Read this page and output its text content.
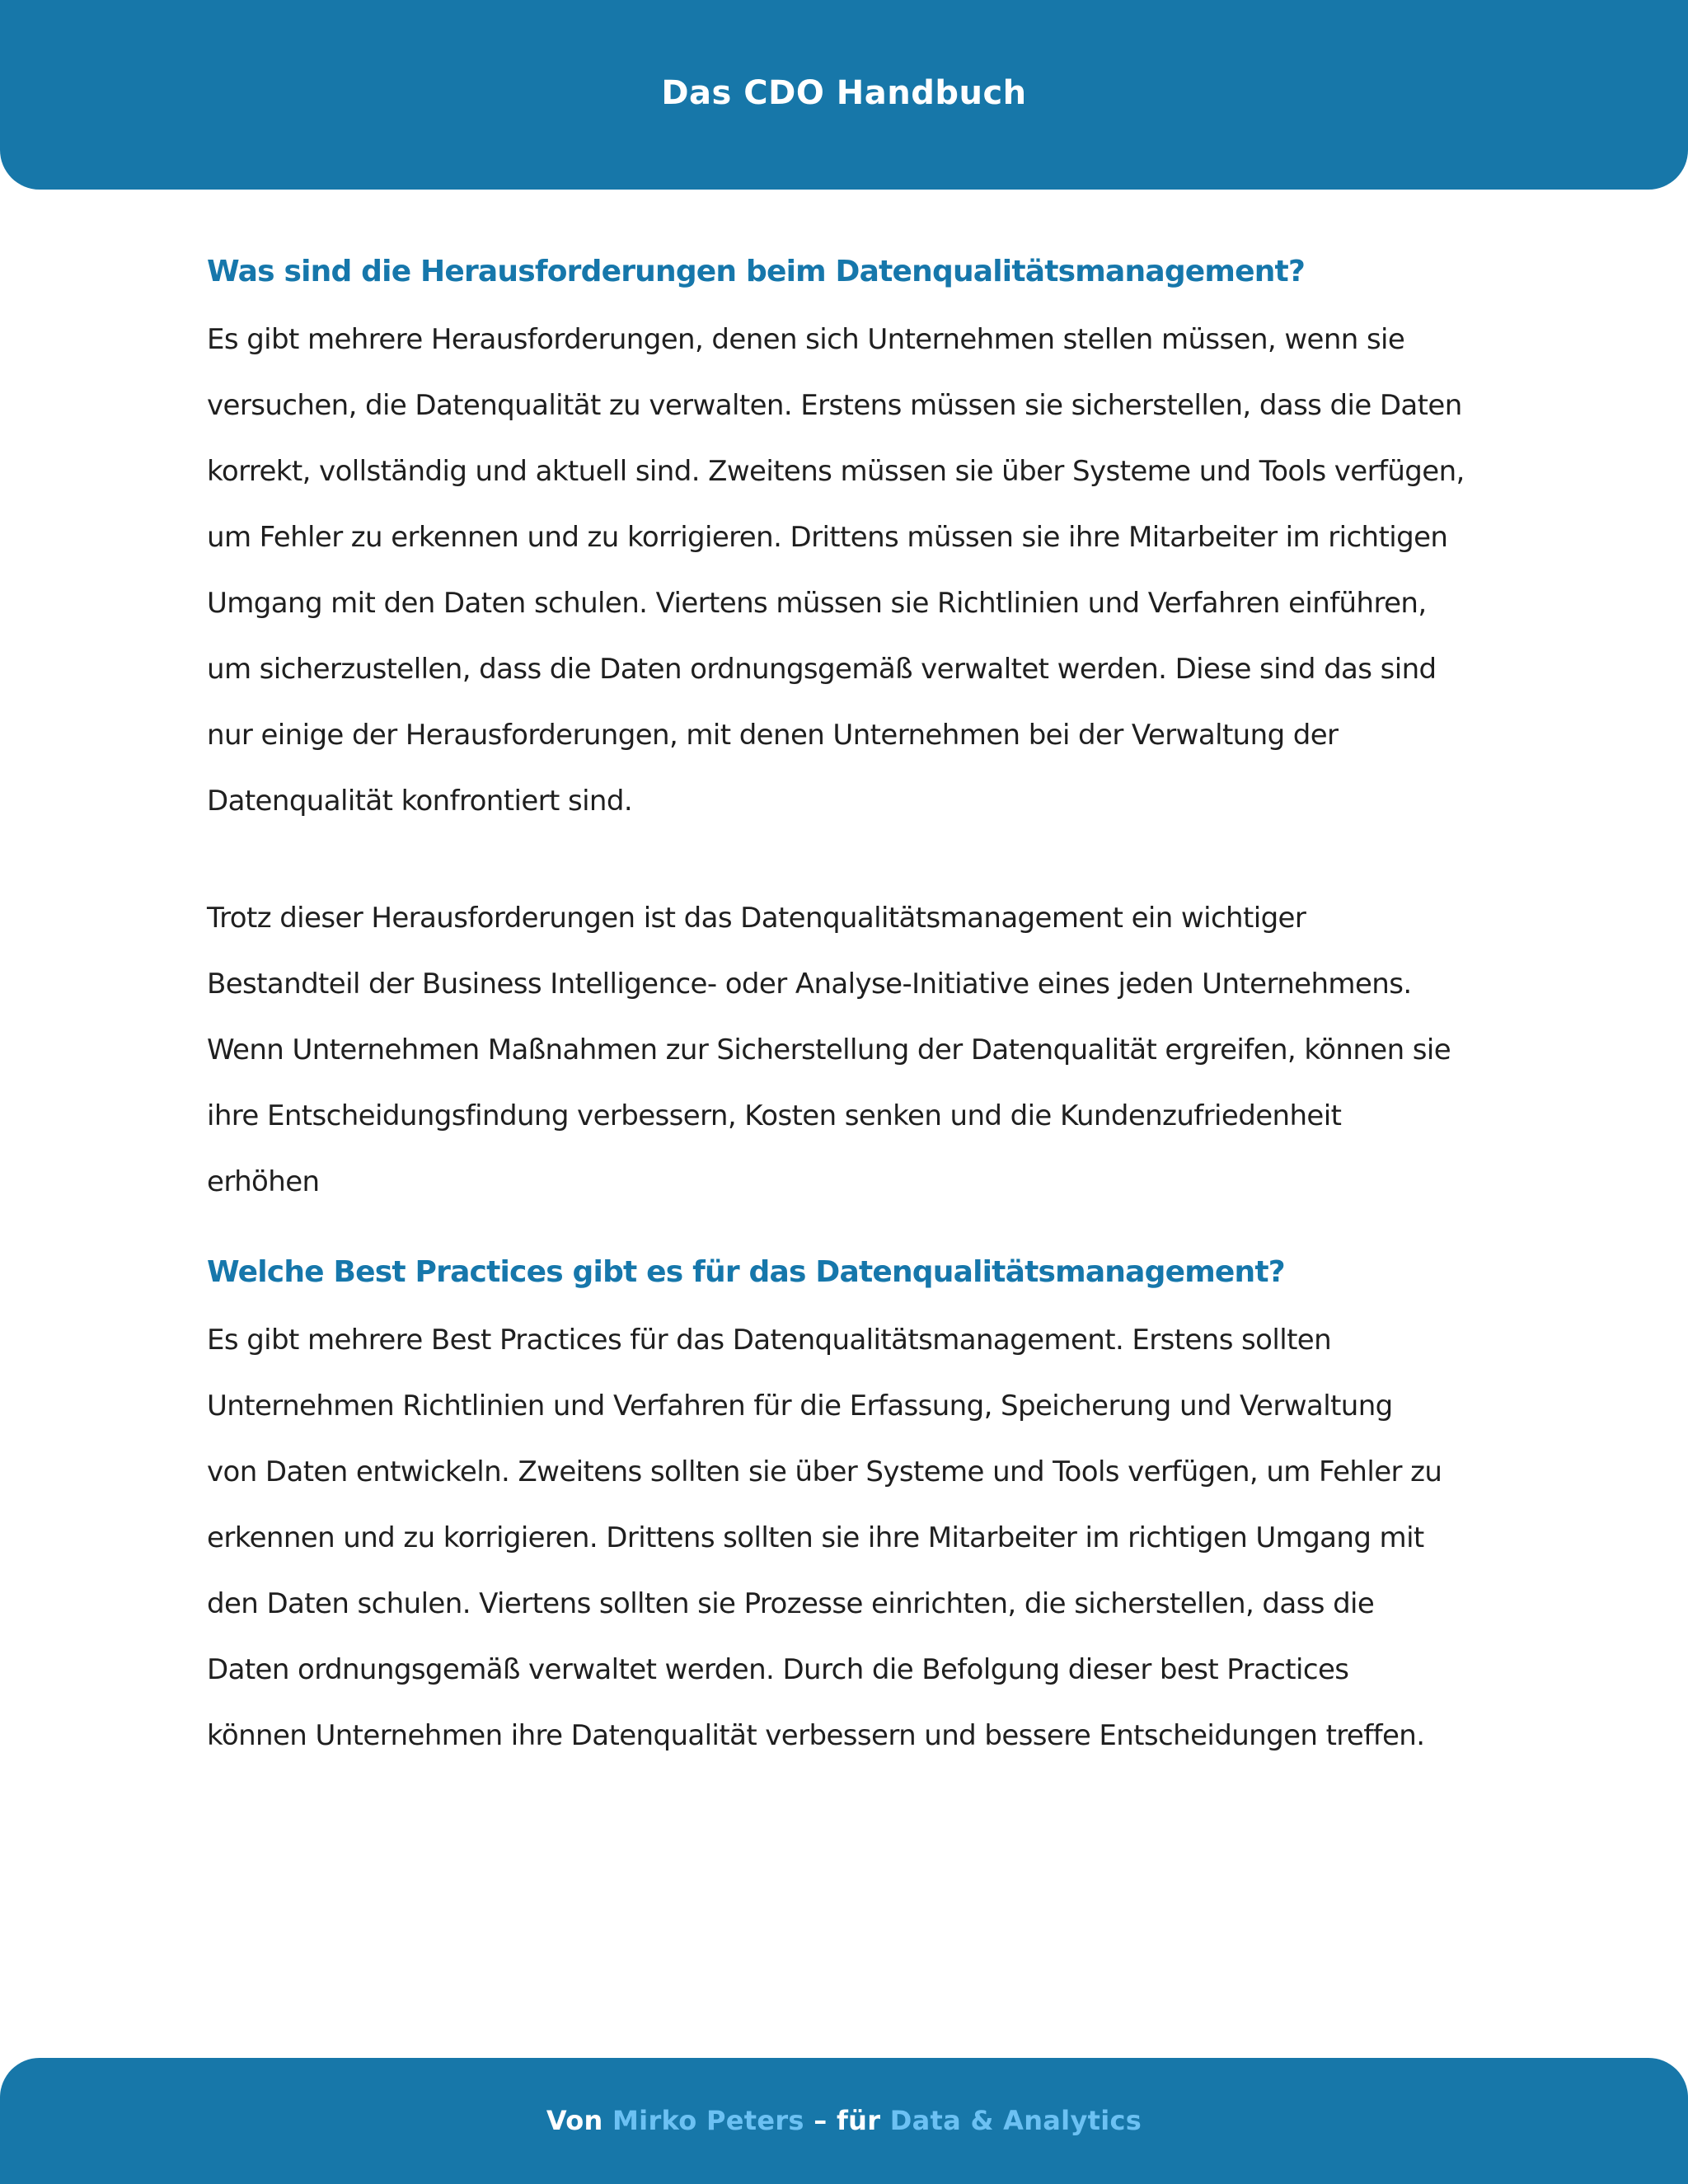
Das CDO Handbuch
Was sind die Herausforderungen beim Datenqualitätsmanagement?

Es gibt mehrere Herausforderungen, denen sich Unternehmen stellen müssen, wenn sie
versuchen, die Datenqualität zu verwalten. Erstens müssen sie sicherstellen, dass die Daten
korrekt, vollständig und aktuell sind. Zweitens müssen sie über Systeme und Tools verfügen,
um Fehler zu erkennen und zu korrigieren. Drittens müssen sie ihre Mitarbeiter im richtigen
Umgang mit den Daten schulen. Viertens müssen sie Richtlinien und Verfahren einführen,
um sicherzustellen, dass die Daten ordnungsgemäß verwaltet werden. Diese sind das sind
nur einige der Herausforderungen, mit denen Unternehmen bei der Verwaltung der
Datenqualität konfrontiert sind.

Trotz dieser Herausforderungen ist das Datenqualitätsmanagement ein wichtiger
Bestandteil der Business Intelligence- oder Analyse-Initiative eines jeden Unternehmens.
Wenn Unternehmen Maßnahmen zur Sicherstellung der Datenqualität ergreifen, können sie
ihre Entscheidungsfindung verbessern, Kosten senken und die Kundenzufriedenheit
erhöhen

Welche Best Practices gibt es für das Datenqualitätsmanagement?

Es gibt mehrere Best Practices für das Datenqualitätsmanagement. Erstens sollten
Unternehmen Richtlinien und Verfahren für die Erfassung, Speicherung und Verwaltung
von Daten entwickeln. Zweitens sollten sie über Systeme und Tools verfügen, um Fehler zu
erkennen und zu korrigieren. Drittens sollten sie ihre Mitarbeiter im richtigen Umgang mit
den Daten schulen. Viertens sollten sie Prozesse einrichten, die sicherstellen, dass die
Daten ordnungsgemäß verwaltet werden. Durch die Befolgung dieser best Practices
können Unternehmen ihre Datenqualität verbessern und bessere Entscheidungen treffen.

Von Mirko Peters – für Data & Analytics
